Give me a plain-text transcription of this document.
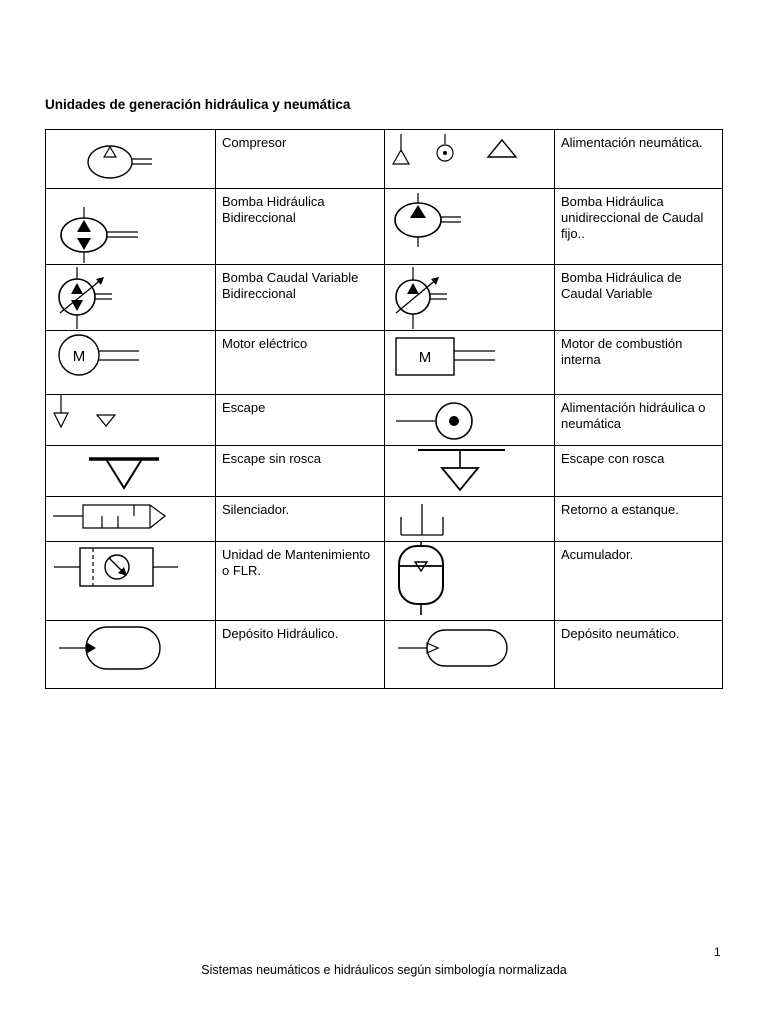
Unidades de generación hidráulica y neumática
	Compresor		Alimentación neumática.

	Bomba Hidráulica Bidireccional		Bomba Hidráulica unidireccional de Caudal fijo..

	Bomba Caudal Variable Bidireccional		Bomba Hidráulica de Caudal Variable

M	Motor eléctrico	M	Motor de combustión interna

	Escape		Alimentación hidráulica o neumática

	Escape sin rosca		Escape con rosca

	Silenciador.		Retorno a estanque.

	Unidad de Mantenimiento o FLR.		Acumulador.

	Depósito Hidráulico.		Depósito neumático.
1
Sistemas neumáticos e hidráulicos según simbología normalizada
